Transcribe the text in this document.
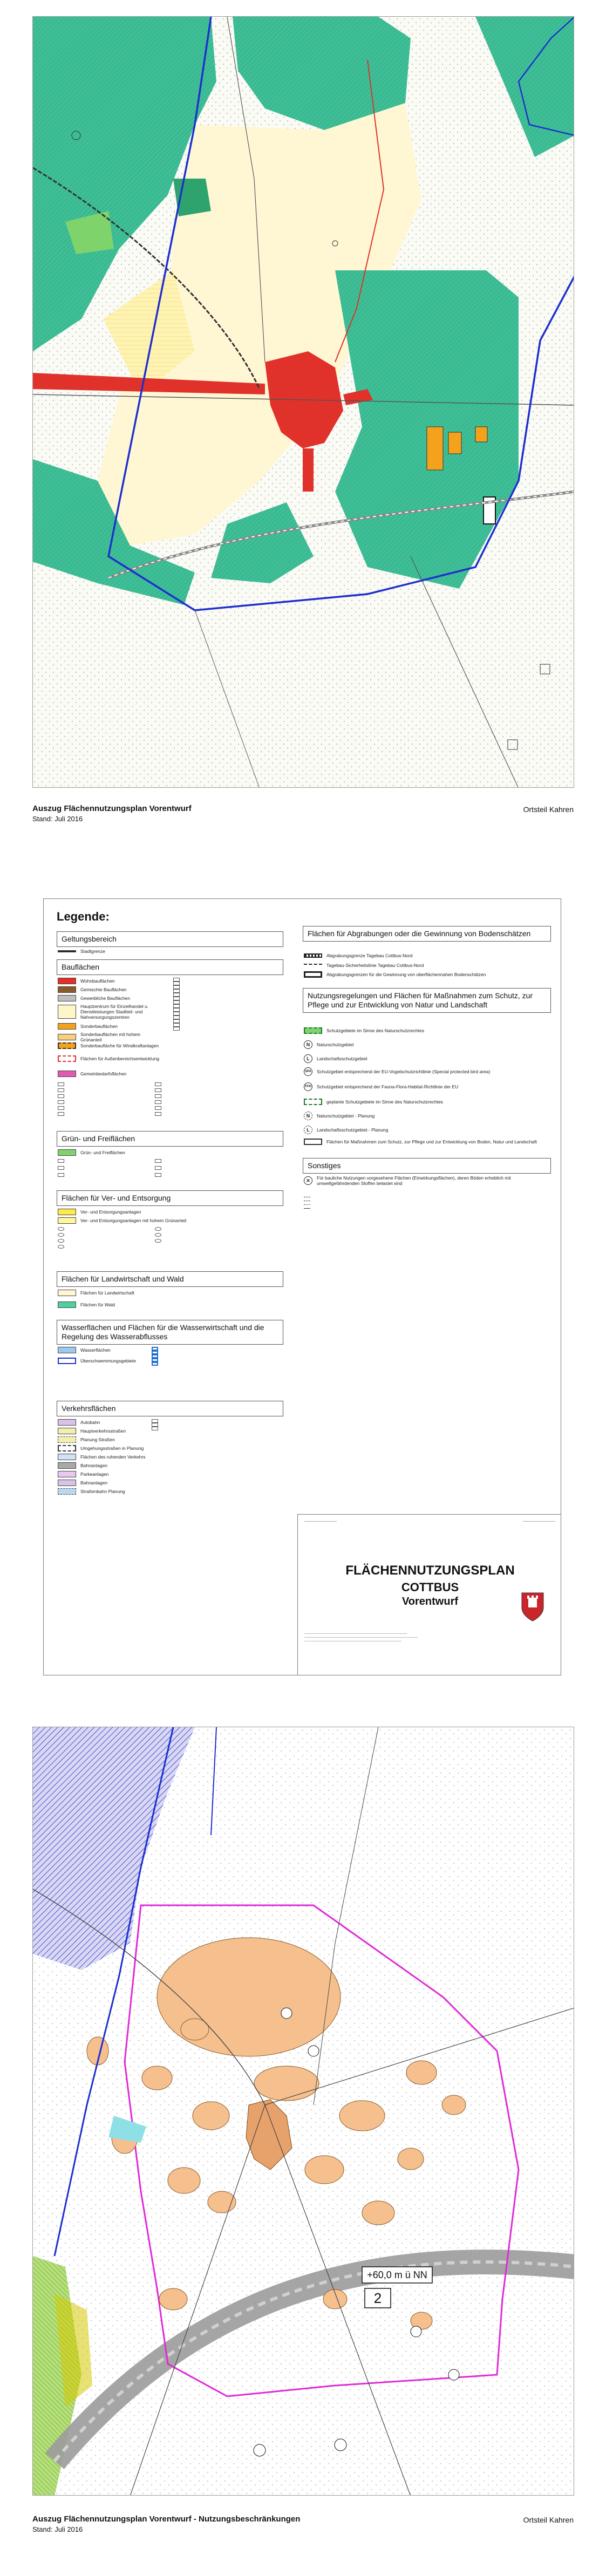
Auszug Flächennutzungsplan Vorentwurf
Stand: Juli 2016
Ortsteil Kahren
Legende:
Geltungsbereich
Stadtgrenze
Bauflächen
Wohnbauflächen
Gemischte Bauflächen
Gewerbliche Bauflächen
Hauptzentrum für Einzelhandel u. Dienstleistungen Stadtteil- und Nahversorgungszentren
Sonderbauflächen
Sonderbauflächen mit hohem Grünanteil
Sonderbaufläche für Windkraftanlagen
Flächen für Außenbereichsentwicklung
Gemeinbedarfsflächen
Grün- und Freiflächen
Grün- und Freiflächen
Flächen für Ver- und Entsorgung
Ver- und Entsorgungsanlagen
Ver- und Entsorgungsanlagen mit hohem Grünanteil
Flächen für Landwirtschaft und Wald
Flächen für Landwirtschaft
Flächen für Wald
Wasserflächen und Flächen für die Wasserwirtschaft und die Regelung des Wasserabflusses
Wasserflächen
Überschwemmungsgebiete
Verkehrsflächen
Autobahn
Hauptverkehrsstraßen
Planung Straßen
Umgehungsstraßen in Planung
Flächen des ruhenden Verkehrs
Bahnanlagen
Parkeanlagen
Bahnanlagen
Straßenbahn Planung
Flächen für Abgrabungen oder die Gewinnung von Bodenschätzen
Abgrabungsgrenze Tagebau Cottbus-Nord
Tagebau-Sicherheitslinie Tagebau Cottbus-Nord
Abgrabungsgrenzen für die Gewinnung von oberflächennahen Bodenschätzen
Nutzungsregelungen und Flächen für Maßnahmen zum Schutz, zur Pflege und zur Entwicklung von Natur und Landschaft
Schutzgebiete im Sinne des Naturschutzrechtes
N	Naturschutzgebiet
L	Landschaftsschutzgebiet
SPA Schutzgebiet entsprechend der EU-Vogelschutzrichtlinie (Special protected bird area)
FFH Schutzgebiet entsprechend der Fauna-Flora-Habitat-Richtlinie der EU
geplante Schutzgebiete im Sinne des Naturschutzrechtes
N	Naturschutzgebiet - Planung
L	Landschaftsschutzgebiet - Planung
Flächen für Maßnahmen zum Schutz, zur Pflege und zur Entwicklung von Boden, Natur und Landschaft
Sonstiges
✕	Für bauliche Nutzungen vorgesehene Flächen (Einwirkungsflächen), deren Böden erheblich mit umweltgefährdenden Stoffen belastet sind
FLÄCHENNUTZUNGSPLAN
COTTBUS
Vorentwurf
+60,0 m ü NN
2
Auszug Flächennutzungsplan Vorentwurf - Nutzungsbeschränkungen
Stand: Juli 2016
Ortsteil Kahren
